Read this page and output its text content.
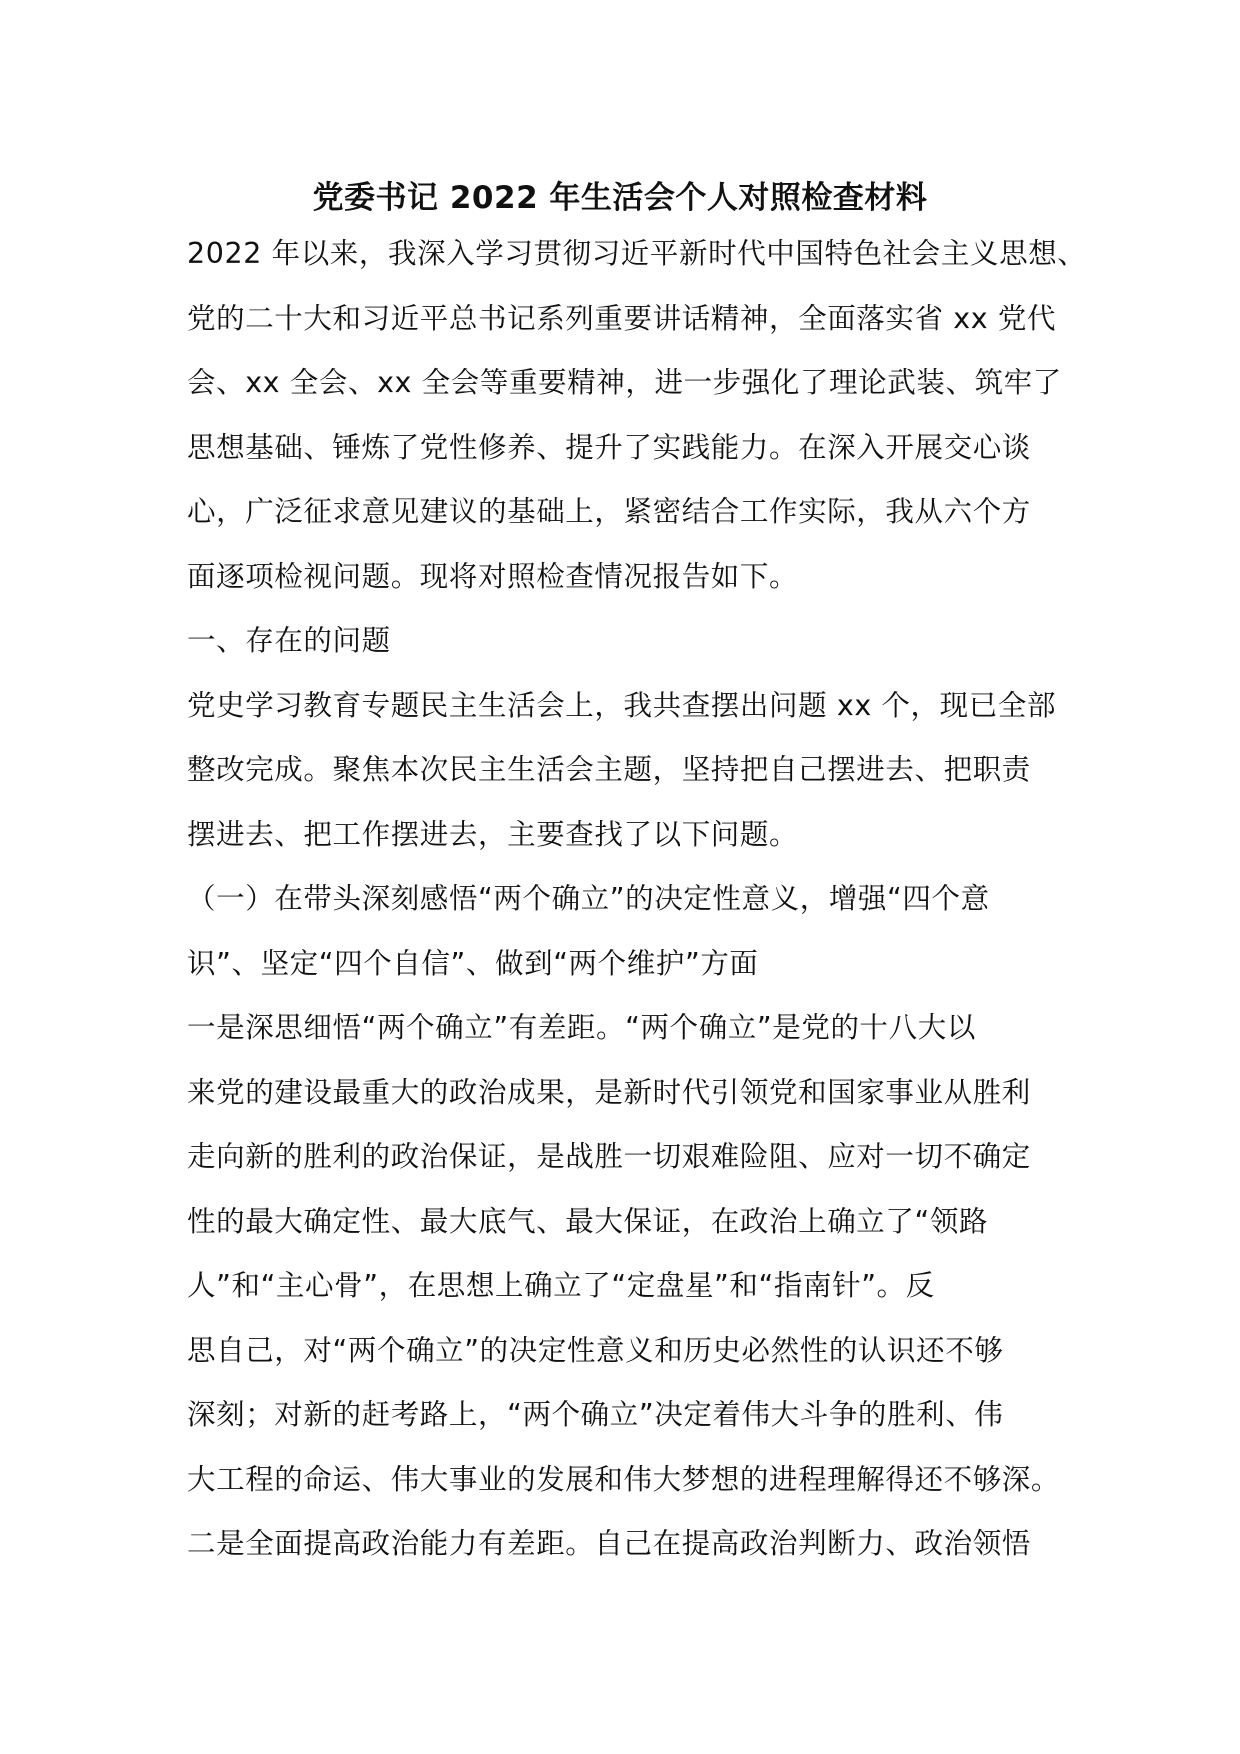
党委书记 2022 年生活会个人对照检查材料
2022 年以来，我深入学习贯彻习近平新时代中国特色社会主义思想、
党的二十大和习近平总书记系列重要讲话精神，全面落实省 xx 党代
会、xx 全会、xx 全会等重要精神，进一步强化了理论武装、筑牢了
思想基础、锤炼了党性修养、提升了实践能力。在深入开展交心谈
心，广泛征求意见建议的基础上，紧密结合工作实际，我从六个方
面逐项检视问题。现将对照检查情况报告如下。
一、存在的问题
党史学习教育专题民主生活会上，我共查摆出问题 xx 个，现已全部
整改完成。聚焦本次民主生活会主题，坚持把自己摆进去、把职责
摆进去、把工作摆进去，主要查找了以下问题。
（一）在带头深刻感悟“两个确立”的决定性意义，增强“四个意
识”、坚定“四个自信”、做到“两个维护”方面
一是深思细悟“两个确立”有差距。“两个确立”是党的十八大以
来党的建设最重大的政治成果，是新时代引领党和国家事业从胜利
走向新的胜利的政治保证，是战胜一切艰难险阻、应对一切不确定
性的最大确定性、最大底气、最大保证，在政治上确立了“领路
人”和“主心骨”，在思想上确立了“定盘星”和“指南针”。反
思自己，对“两个确立”的决定性意义和历史必然性的认识还不够
深刻；对新的赶考路上，“两个确立”决定着伟大斗争的胜利、伟
大工程的命运、伟大事业的发展和伟大梦想的进程理解得还不够深。
二是全面提高政治能力有差距。自己在提高政治判断力、政治领悟
